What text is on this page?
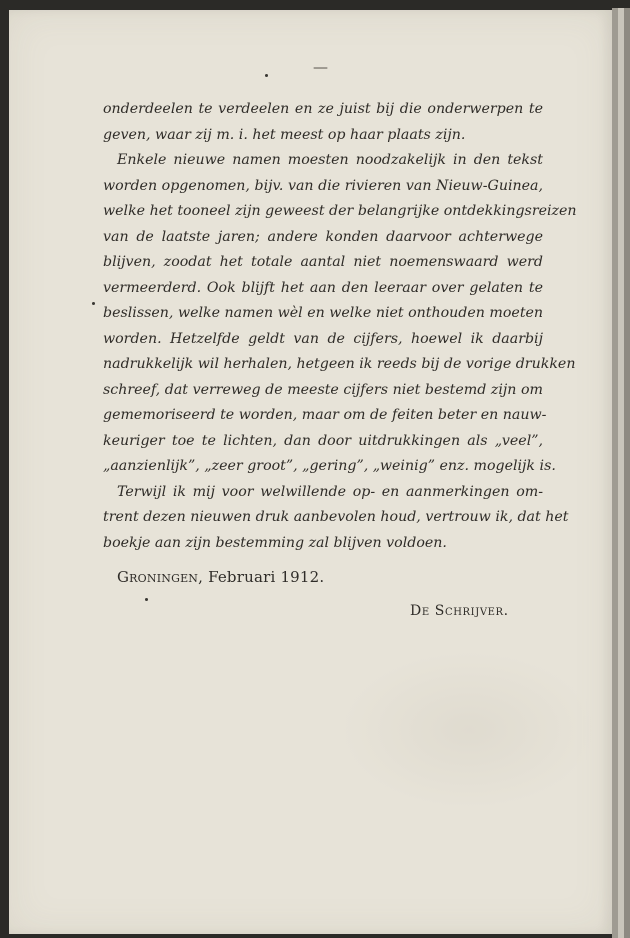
—
onderdeelen te verdeelen en ze juist bij die onderwerpen te
geven, waar zij m. i. het meest op haar plaats zijn.
Enkele nieuwe namen moesten noodzakelijk in den tekst
worden opgenomen, bijv. van die rivieren van Nieuw-Guinea,
welke het tooneel zijn geweest der belangrijke ontdekkingsreizen
van de laatste jaren; andere konden daarvoor achterwege
blijven, zoodat het totale aantal niet noemenswaard werd
vermeerderd. Ook blijft het aan den leeraar over gelaten te
beslissen, welke namen wèl en welke niet onthouden moeten
worden. Hetzelfde geldt van de cijfers, hoewel ik daarbij
nadrukkelijk wil herhalen, hetgeen ik reeds bij de vorige drukken
schreef, dat verreweg de meeste cijfers niet bestemd zijn om
gememoriseerd te worden, maar om de feiten beter en nauw-
keuriger toe te lichten, dan door uitdrukkingen als „veel”,
„aanzienlijk”, „zeer groot”, „gering”, „weinig” enz. mogelijk is.
Terwijl ik mij voor welwillende op- en aanmerkingen om-
trent dezen nieuwen druk aanbevolen houd, vertrouw ik, dat het
boekje aan zijn bestemming zal blijven voldoen.
Groningen, Februari 1912.
De Schrijver.
